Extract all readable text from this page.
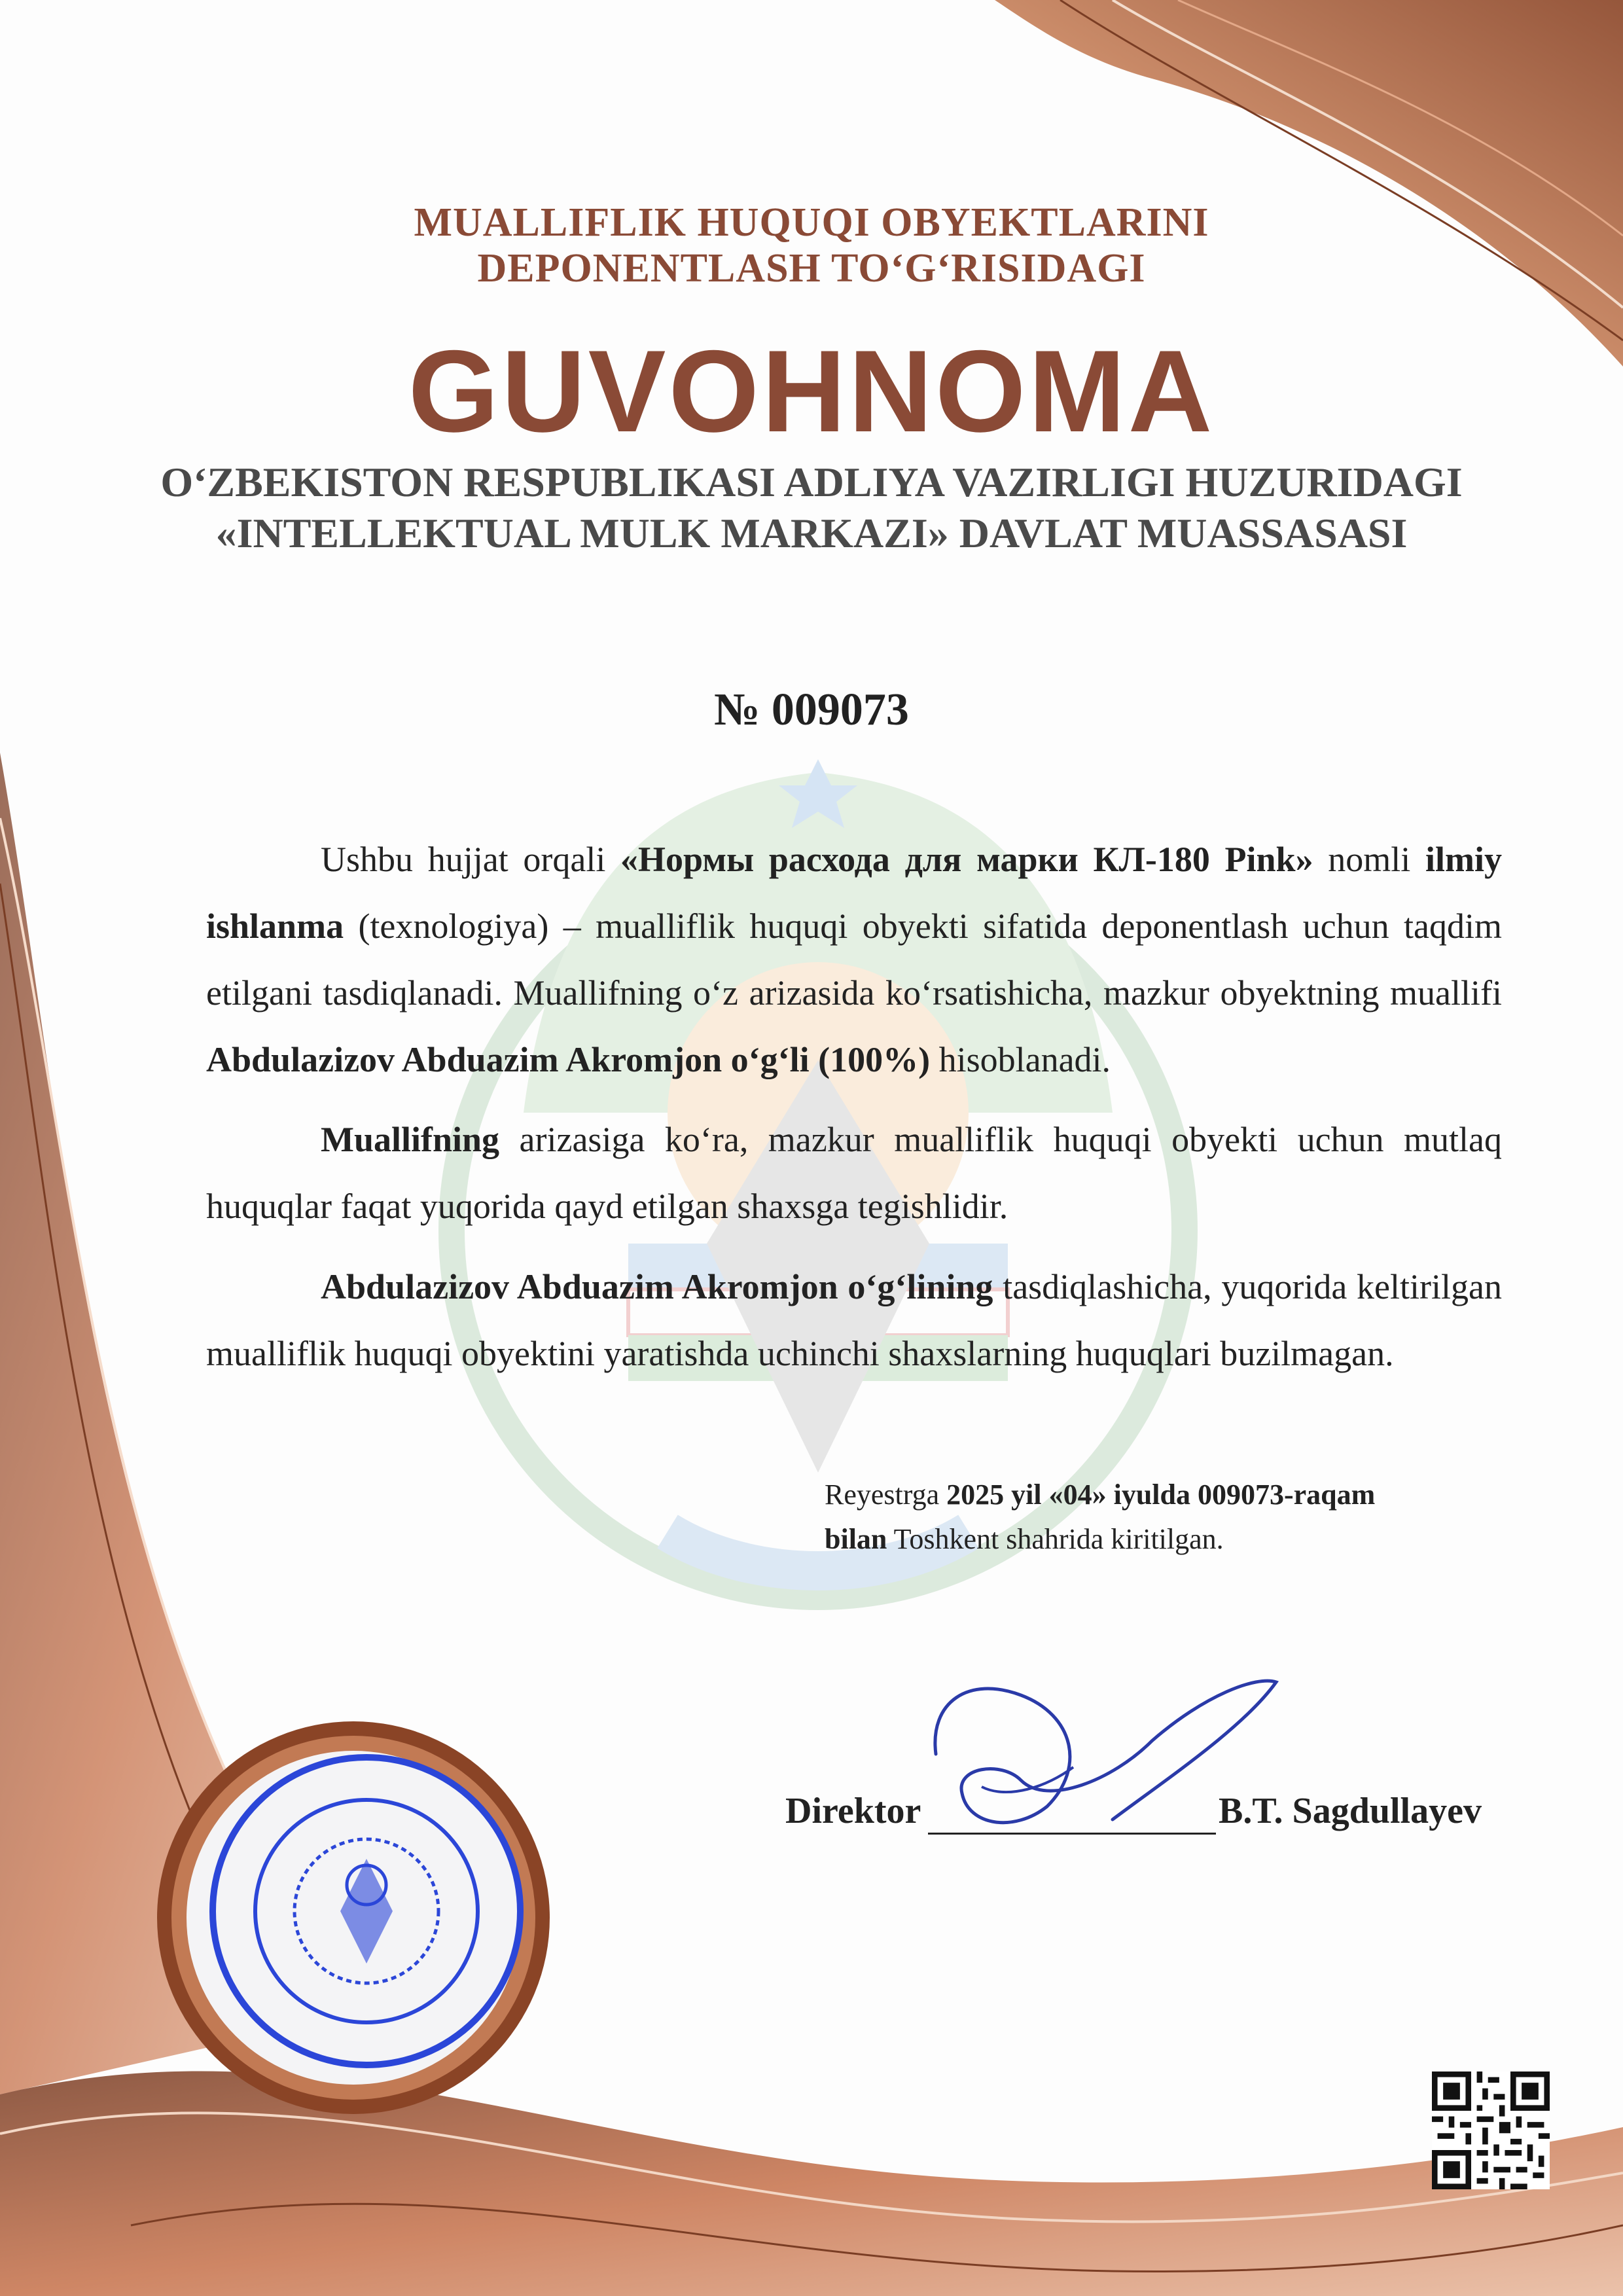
MUALLIFLIK HUQUQI OBYEKTLARINI
DEPONENTLASH TO‘G‘RISIDAGI
GUVOHNOMA
O‘ZBEKISTON RESPUBLIKASI ADLIYA VAZIRLIGI HUZURIDAGI
«INTELLEKTUAL MULK MARKAZI» DAVLAT MUASSASASI
№ 009073

Ushbu hujjat orqali «Нормы расхода для марки КЛ-180 Pink» nomli ilmiy ishlanma (texnologiya) – mualliflik huquqi obyekti sifatida deponentlash uchun taqdim etilgani tasdiqlanadi. Muallifning o‘z arizasida ko‘rsatishicha, mazkur obyektning muallifi Abdulazizov Abduazim Akromjon o‘g‘li (100%) hisoblanadi.

Muallifning arizasiga ko‘ra, mazkur mualliflik huquqi obyekti uchun mutlaq huquqlar faqat yuqorida qayd etilgan shaxsga tegishlidir.

Abdulazizov Abduazim Akromjon o‘g‘lining tasdiqlashicha, yuqorida keltirilgan mualliflik huquqi obyektini yaratishda uchinchi shaxslarning huquqlari buzilmagan.

Reyestrga 2025 yil «04» iyulda 009073-raqam
bilan Toshkent shahrida kiritilgan.
Direktor	B.T. Sagdullayev
